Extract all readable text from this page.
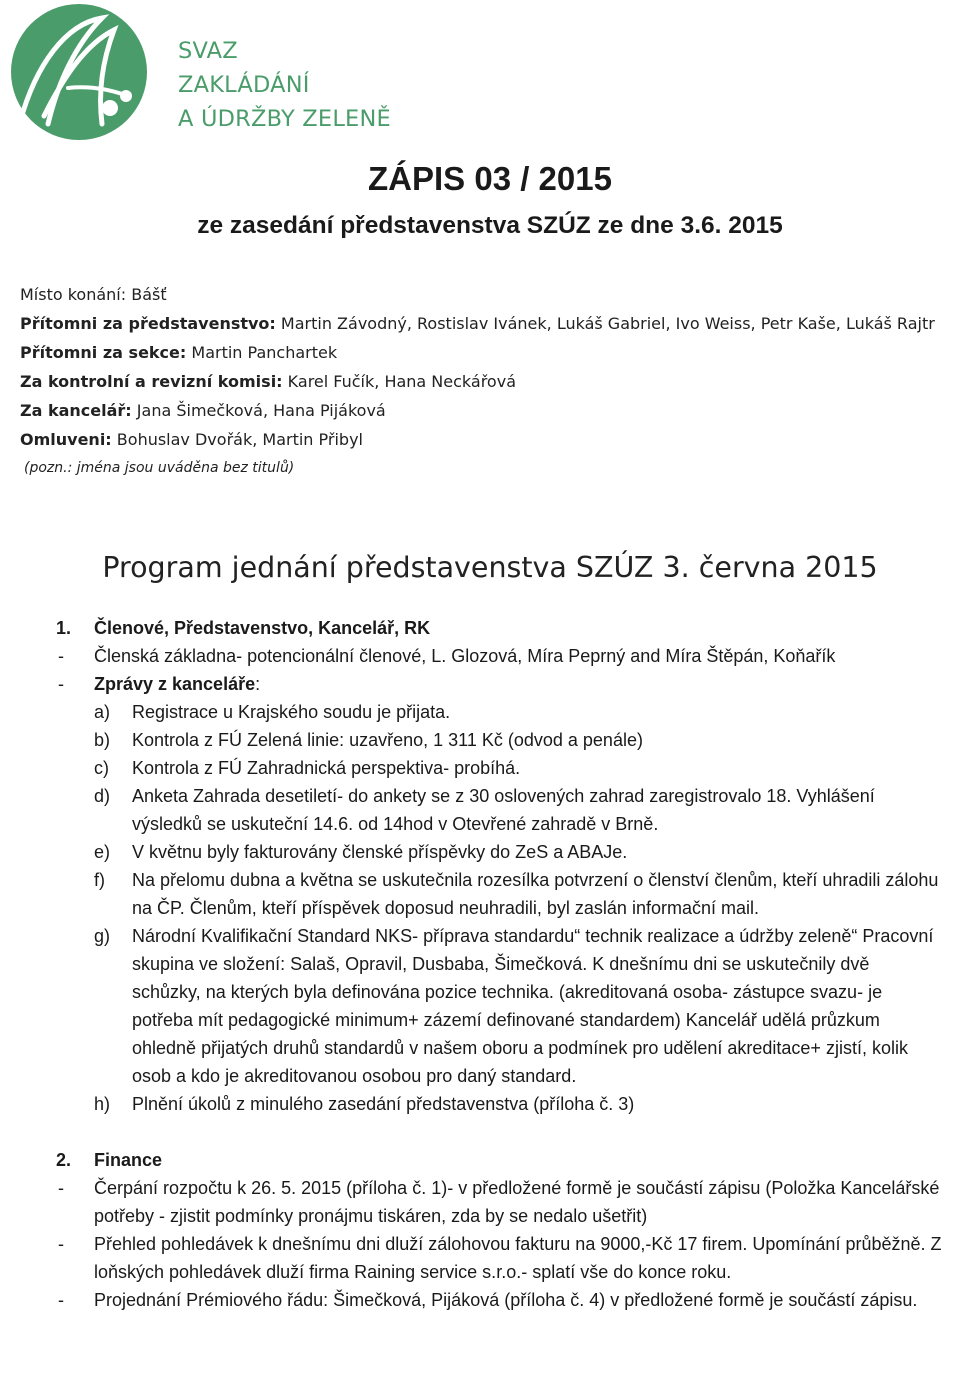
SVAZ
ZAKLÁDÁNÍ
A ÚDRŽBY ZELENĚ
ZÁPIS 03 / 2015
ze zasedání představenstva SZÚZ ze dne 3.6. 2015
Místo konání: Bášť
Přítomni za představenstvo: Martin Závodný, Rostislav Ivánek, Lukáš Gabriel, Ivo Weiss, Petr Kaše, Lukáš Rajtr
Přítomni za sekce: Martin Panchartek
Za kontrolní a revizní komisi: Karel Fučík, Hana Neckářová
Za kancelář: Jana Šimečková, Hana Pijáková
Omluveni: Bohuslav Dvořák, Martin Přibyl
(pozn.: jména jsou uváděna bez titulů)
Program jednání představenstva SZÚZ 3. června 2015
1. Členové, Představenstvo, Kancelář, RK
- Členská základna- potencionální členové, L. Glozová, Míra Peprný and Míra Štěpán, Koňařík
- Zprávy z kanceláře:
a) Registrace u Krajského soudu je přijata.
b) Kontrola z FÚ Zelená linie: uzavřeno, 1 311 Kč (odvod a penále)
c) Kontrola z FÚ Zahradnická perspektiva- probíhá.
d) Anketa Zahrada desetiletí- do ankety se z 30 oslovených zahrad zaregistrovalo 18. Vyhlášení výsledků se uskuteční 14.6. od 14hod v Otevřené zahradě v Brně.
e) V květnu byly fakturovány členské příspěvky do ZeS a ABAJe.
f) Na přelomu dubna a května se uskutečnila rozesílka potvrzení o členství členům, kteří uhradili zálohu na ČP. Členům, kteří příspěvek doposud neuhradili, byl zaslán informační mail.
g) Národní Kvalifikační Standard NKS- příprava standardu“ technik realizace a údržby zeleně“ Pracovní skupina ve složení: Salaš, Opravil, Dusbaba, Šimečková. K dnešnímu dni se uskutečnily dvě schůzky, na kterých byla definována pozice technika. (akreditovaná osoba- zástupce svazu- je potřeba mít pedagogické minimum+ zázemí definované standardem) Kancelář udělá průzkum ohledně přijatých druhů standardů v našem oboru a podmínek pro udělení akreditace+ zjistí, kolik osob a kdo je akreditovanou osobou pro daný standard.
h) Plnění úkolů z minulého zasedání představenstva (příloha č. 3)
2. Finance
- Čerpání rozpočtu k 26. 5. 2015 (příloha č. 1)- v předložené formě je součástí zápisu (Položka Kancelářské potřeby - zjistit podmínky pronájmu tiskáren, zda by se nedalo ušetřit)
- Přehled pohledávek k dnešnímu dni dluží zálohovou fakturu na 9000,-Kč 17 firem. Upomínání průběžně. Z loňských pohledávek dluží firma Raining service s.r.o.- splatí vše do konce roku.
- Projednání Prémiového řádu: Šimečková, Pijáková (příloha č. 4) v předložené formě je součástí zápisu.
